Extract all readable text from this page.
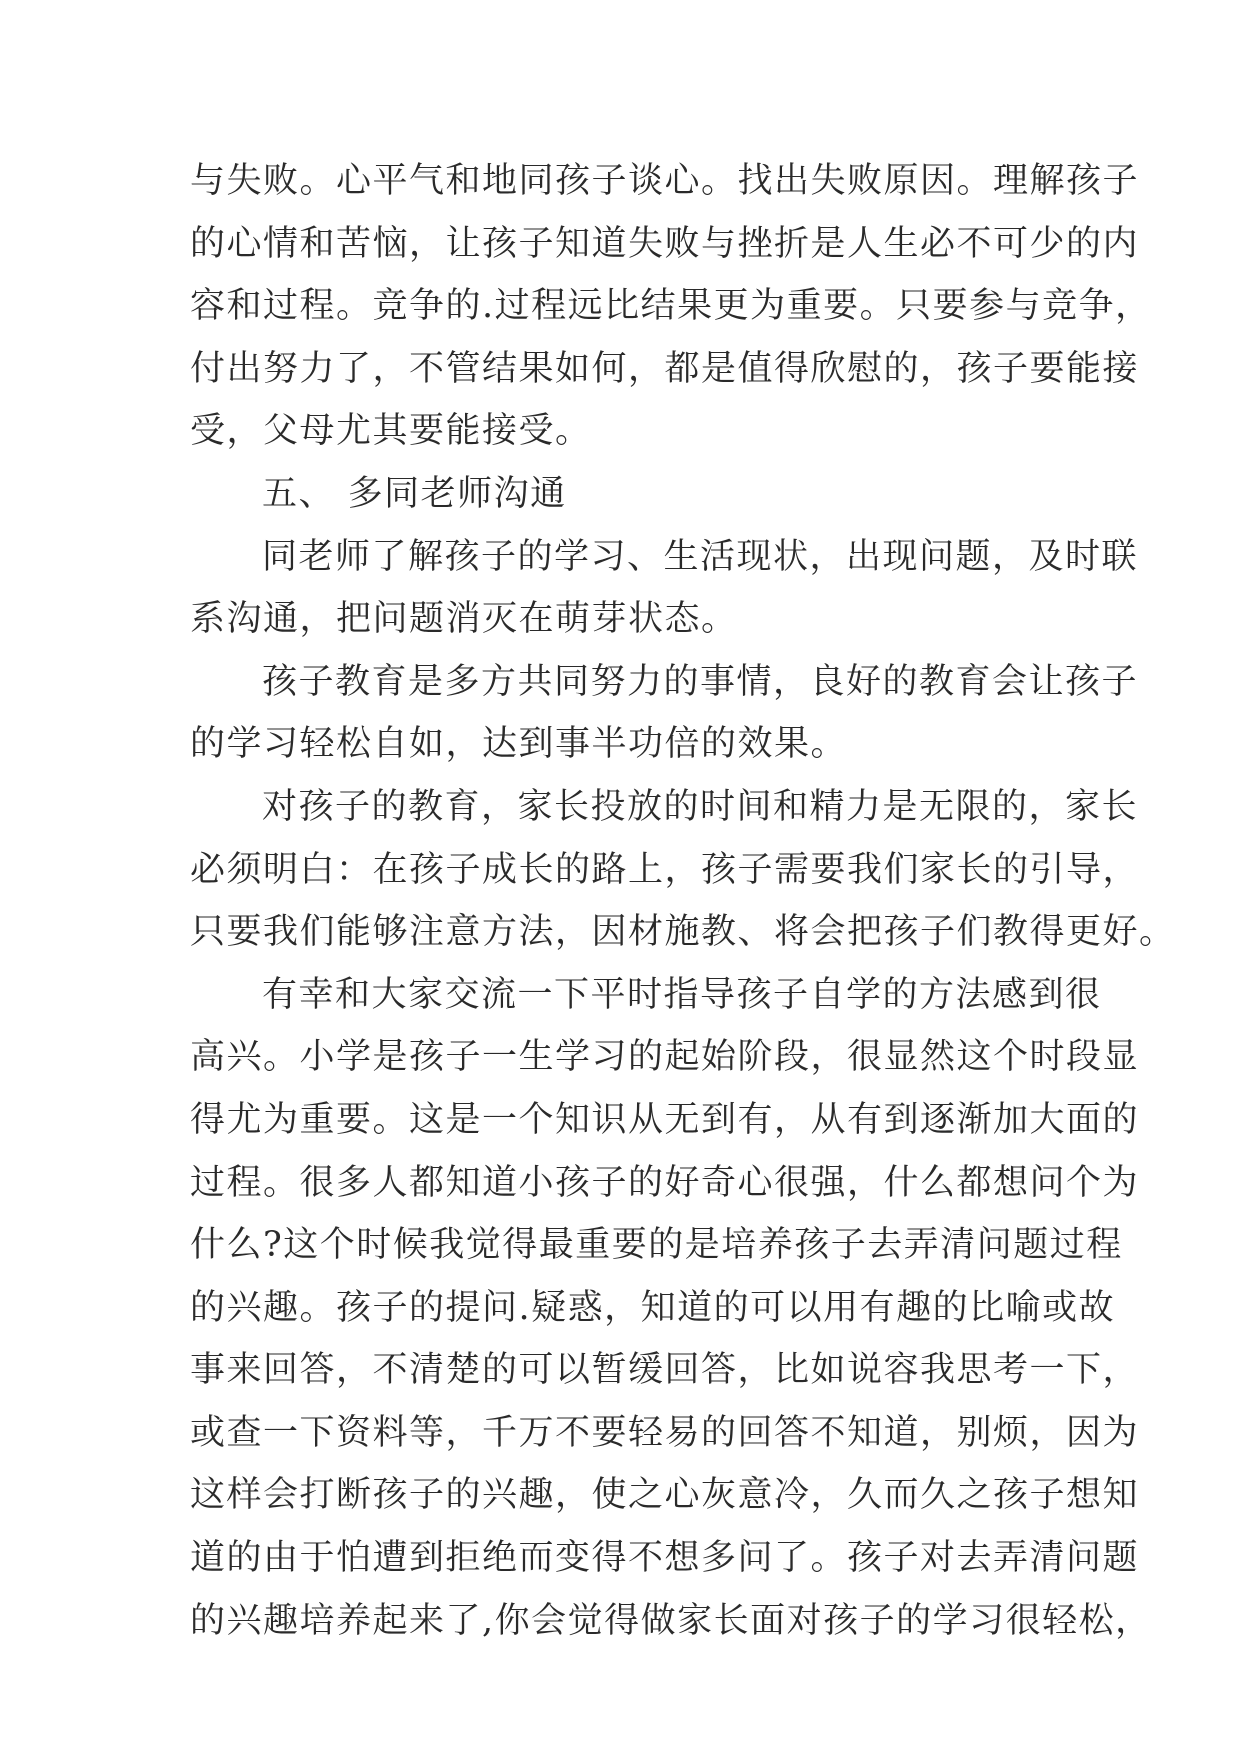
与失败。心平气和地同孩子谈心。找出失败原因。理解孩子
的心情和苦恼，让孩子知道失败与挫折是人生必不可少的内
容和过程。竞争的.过程远比结果更为重要。只要参与竞争，
付出努力了，不管结果如何，都是值得欣慰的，孩子要能接
受，父母尤其要能接受。
五、 多同老师沟通
同老师了解孩子的学习、生活现状，出现问题，及时联
系沟通，把问题消灭在萌芽状态。
孩子教育是多方共同努力的事情，良好的教育会让孩子
的学习轻松自如，达到事半功倍的效果。
对孩子的教育，家长投放的时间和精力是无限的，家长
必须明白：在孩子成长的路上，孩子需要我们家长的引导，
只要我们能够注意方法，因材施教、将会把孩子们教得更好。
有幸和大家交流一下平时指导孩子自学的方法感到很
高兴。小学是孩子一生学习的起始阶段，很显然这个时段显
得尤为重要。这是一个知识从无到有，从有到逐渐加大面的
过程。很多人都知道小孩子的好奇心很强，什么都想问个为
什么?这个时候我觉得最重要的是培养孩子去弄清问题过程
的兴趣。孩子的提问.疑惑，知道的可以用有趣的比喻或故
事来回答，不清楚的可以暂缓回答，比如说容我思考一下，
或查一下资料等，千万不要轻易的回答不知道，别烦，因为
这样会打断孩子的兴趣，使之心灰意冷，久而久之孩子想知
道的由于怕遭到拒绝而变得不想多问了。孩子对去弄清问题
的兴趣培养起来了,你会觉得做家长面对孩子的学习很轻松，
